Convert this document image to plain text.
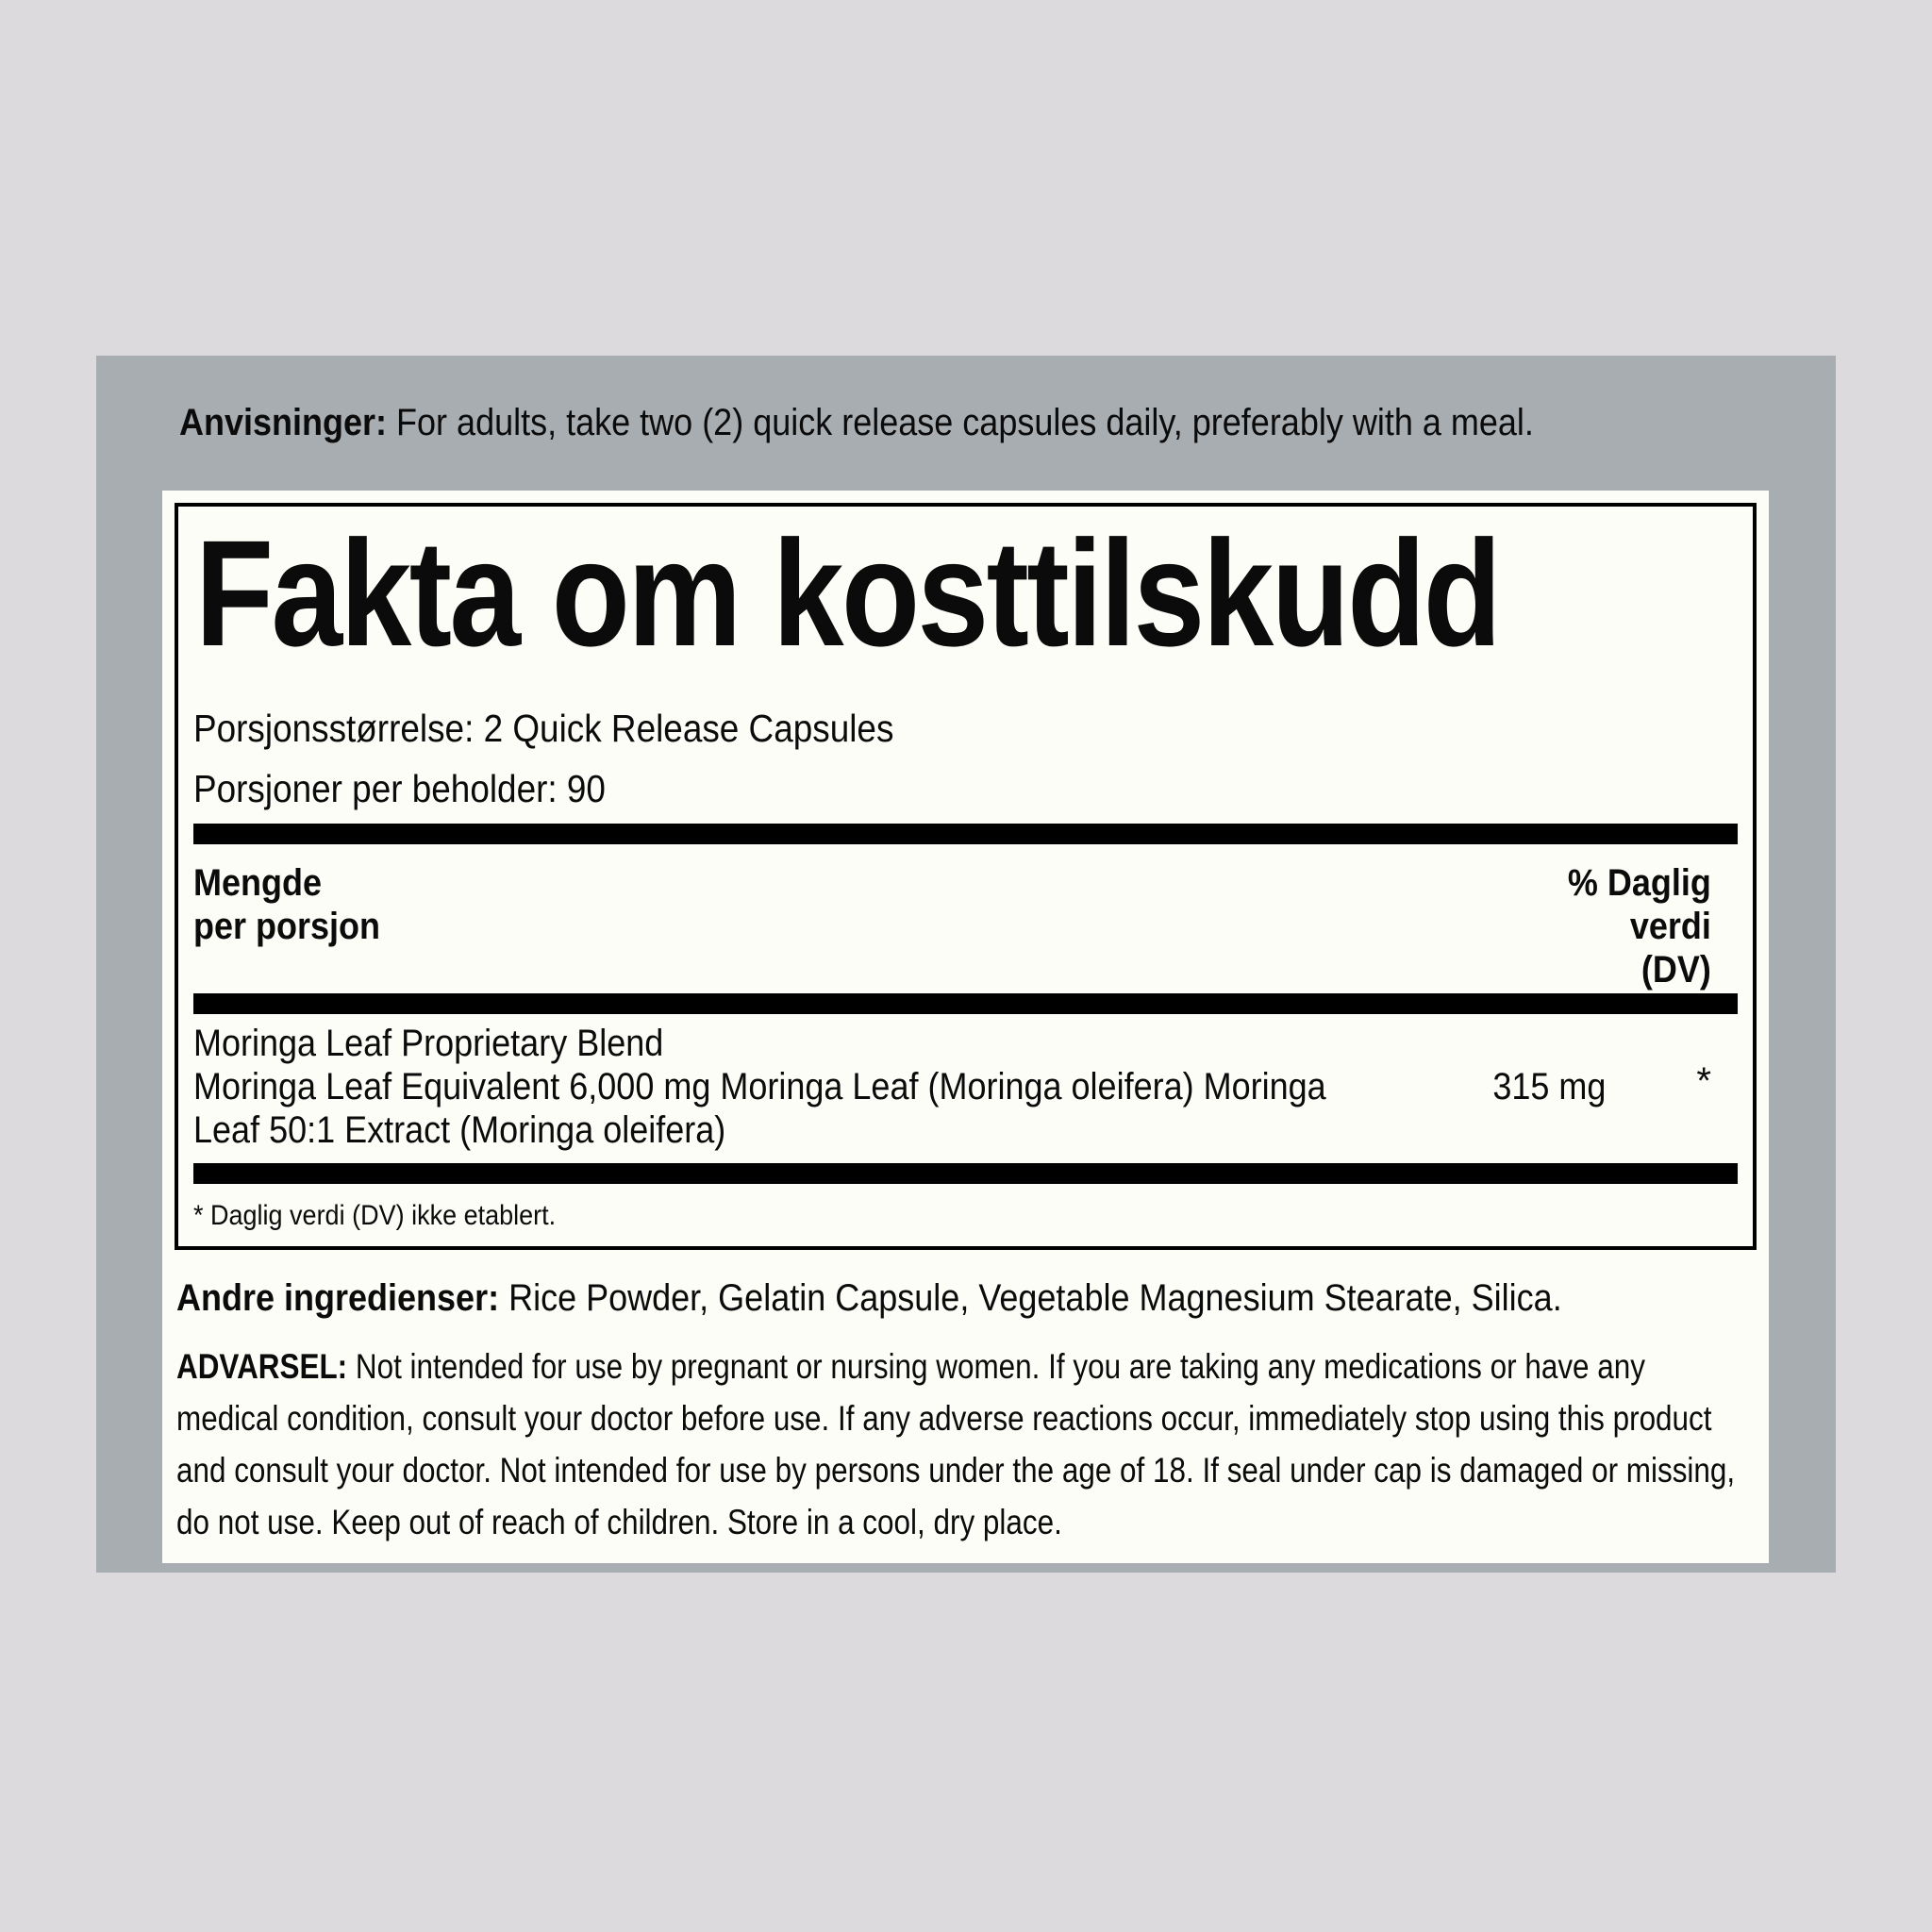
Anvisninger: For adults, take two (2) quick release capsules daily, preferably with a meal.
Fakta om kosttilskudd
Porsjonsstørrelse: 2 Quick Release Capsules
Porsjoner per beholder: 90
Mengde
per porsjon
% Daglig
verdi
(DV)
Moringa Leaf Proprietary Blend
Moringa Leaf Equivalent 6,000 mg Moringa Leaf (Moringa oleifera) Moringa
Leaf 50:1 Extract (Moringa oleifera)
315 mg *
* Daglig verdi (DV) ikke etablert.
Andre ingredienser: Rice Powder, Gelatin Capsule, Vegetable Magnesium Stearate, Silica.
ADVARSEL: Not intended for use by pregnant or nursing women. If you are taking any medications or have any medical condition, consult your doctor before use. If any adverse reactions occur, immediately stop using this product and consult your doctor. Not intended for use by persons under the age of 18. If seal under cap is damaged or missing, do not use. Keep out of reach of children. Store in a cool, dry place.
